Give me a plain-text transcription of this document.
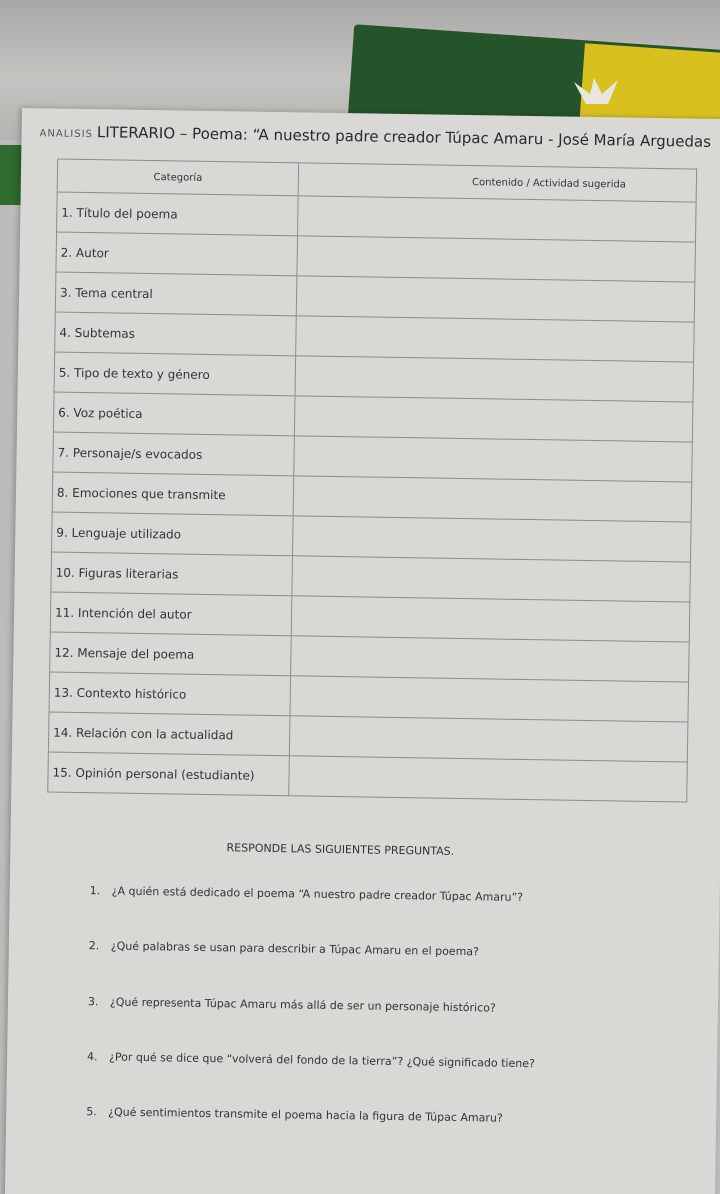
ANALISIS LITERARIO – Poema: “A nuestro padre creador Túpac Amaru - José María Arguedas
Categoría	Contenido / Actividad sugerida
1. Título del poema	
2. Autor	
3. Tema central	
4. Subtemas	
5. Tipo de texto y género	
6. Voz poética	
7. Personaje/s evocados	
8. Emociones que transmite	
9. Lenguaje utilizado	
10. Figuras literarias	
11. Intención del autor	
12. Mensaje del poema	
13. Contexto histórico	
14. Relación con la actualidad	
15. Opinión personal (estudiante)	
RESPONDE LAS SIGUIENTES PREGUNTAS.
1. ¿A quién está dedicado el poema “A nuestro padre creador Túpac Amaru”?
2. ¿Qué palabras se usan para describir a Túpac Amaru en el poema?
3. ¿Qué representa Túpac Amaru más allá de ser un personaje histórico?
4. ¿Por qué se dice que “volverá del fondo de la tierra”? ¿Qué significado tiene?
5. ¿Qué sentimientos transmite el poema hacia la figura de Túpac Amaru?
